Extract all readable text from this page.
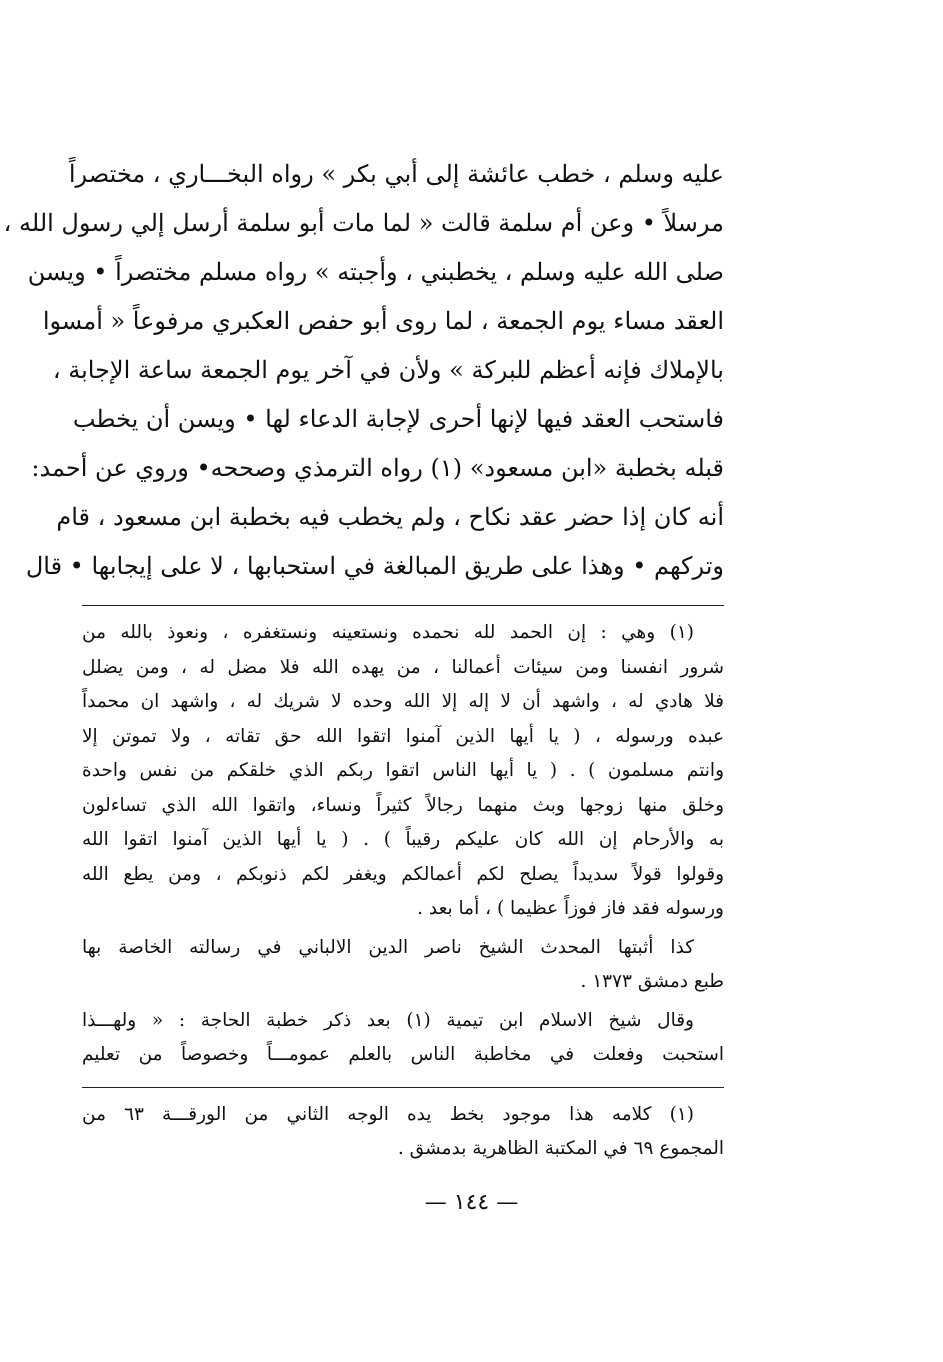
عليه وسلم ، خطب عائشة إلى أبي بكر » رواه البخـــاري ، مختصراً
مرسلاً • وعن أم سلمة قالت « لما مات أبو سلمة أرسل إلي رسول الله ،
صلى الله عليه وسلم ، يخطبني ، وأجبته » رواه مسلم مختصراً • ويسن
العقد مساء يوم الجمعة ، لما روى أبو حفص العكبري مرفوعاً « أمسوا
بالإملاك فإنه أعظم للبركة » ولأن في آخر يوم الجمعة ساعة الإجابة ،
فاستحب العقد فيها لإنها أحرى لإجابة الدعاء لها • ويسن أن يخطب
قبله بخطبة «ابن مسعود» (١) رواه الترمذي وصححه• وروي عن أحمد:
أنه كان إذا حضر عقد نكاح ، ولم يخطب فيه بخطبة ابن مسعود ، قام
وتركهم • وهذا على طريق المبالغة في استحبابها ، لا على إيجابها • قال
(١) وهي : إن الحمد لله نحمده ونستعينه ونستغفره ، ونعوذ بالله من
شرور انفسنا ومن سيئات أعمالنا ، من يهده الله فلا مضل له ، ومن يضلل
فلا هادي له ، واشهد أن لا إله إلا الله وحده لا شريك له ، واشهد ان محمداً
عبده ورسوله ، ( يا أيها الذين آمنوا اتقوا الله حق تقاته ، ولا تموتن إلا
وانتم مسلمون ) . ( يا أيها الناس اتقوا ربكم الذي خلقكم من نفس واحدة
وخلق منها زوجها وبث منهما رجالاً كثيراً ونساء، واتقوا الله الذي تساءلون
به والأرحام إن الله كان عليكم رقيباً ) . ( يا أيها الذين آمنوا اتقوا الله
وقولوا قولاً سديداً يصلح لكم أعمالكم ويغفر لكم ذنوبكم ، ومن يطع الله
ورسوله فقد فاز فوزاً عظيما ) ، أما بعد .
كذا أثبتها المحدث الشيخ ناصر الدين الالباني في رسالته الخاصة بها
طبع دمشق ١٣٧٣ .
وقال شيخ الاسلام ابن تيمية (١) بعد ذكر خطبة الحاجة : « ولهـــذا
استحبت وفعلت في مخاطبة الناس بالعلم عمومـــاً وخصوصاً من تعليم
(١) كلامه هذا موجود بخط يده الوجه الثاني من الورقـــة ٦٣ من
المجموع ٦٩ في المكتبة الظاهرية بدمشق .
— ١٤٤ —
